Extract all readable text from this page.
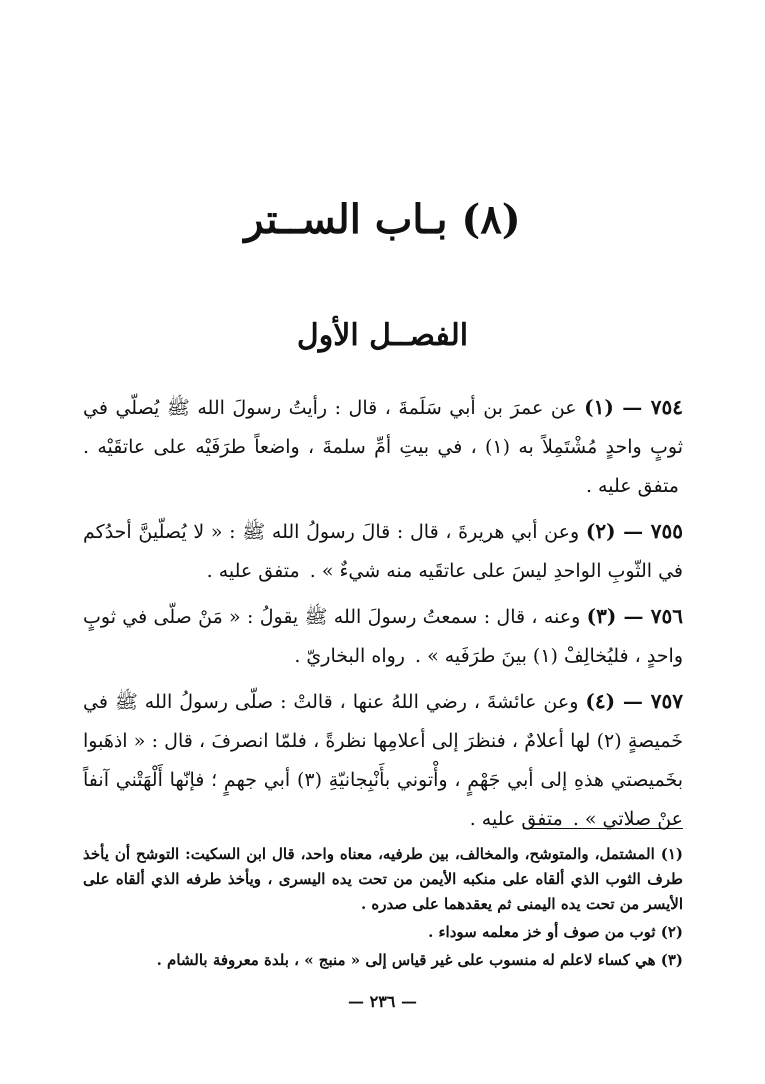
(٨) بـاب الســتر
الفصــل الأول

٧٥٤ — (١) عن عمرَ بن أبي سَلَمةَ ، قال : رأيتُ رسولَ الله ﷺ يُصلّي في ثوبٍ واحدٍ مُشْتَمِلاً به (١) ، في بيتِ أمِّ سلمةَ ، واضعاً طرَفَيْه على عاتقَيْه . متفق عليه .

٧٥٥ — (٢) وعن أبي هريرةَ ، قال : قالَ رسولُ الله ﷺ : « لا يُصلّينَّ أحدُكم في الثّوبِ الواحدِ ليسَ على عاتقَيه منه شيءٌ » . متفق عليه .

٧٥٦ — (٣) وعنه ، قال : سمعتُ رسولَ الله ﷺ يقولُ : « مَنْ صلّى في ثوبٍ واحدٍ ، فليُخالِفْ (١) بينَ طرَفَيه » . رواه البخاريّ .

٧٥٧ — (٤) وعن عائشةَ ، رضي اللهُ عنها ، قالتْ : صلّى رسولُ الله ﷺ في خَميصةٍ (٢) لها أعلامٌ ، فنظرَ إلى أعلامِها نظرةً ، فلمّا انصرفَ ، قال : « اذهَبوا بخَميصتي هذهِ إلى أبي جَهْمٍ ، وأْتوني بأَنْبِجانيّةِ (٣) أبي جهمٍ ؛ فإنّها أَلْهَتْني آنفاً عنْ صلاتي » . متفق عليه .

(١) المشتمل، والمتوشح، والمخالف، بين طرفيه، معناه واحد، قال ابن السكيت: التوشح أن يأخذ طرف الثوب الذي ألقاه على منكبه الأيمن من تحت يده اليسرى ، ويأخذ طرفه الذي ألقاه على الأيسر من تحت يده اليمنى ثم يعقدهما على صدره .

(٢) ثوب من صوف أو خز معلمه سوداء .

(٣) هي كساء لاعلم له منسوب على غير قياس إلى « منبج » ، بلدة معروفة بالشام .

— ٢٣٦ —
